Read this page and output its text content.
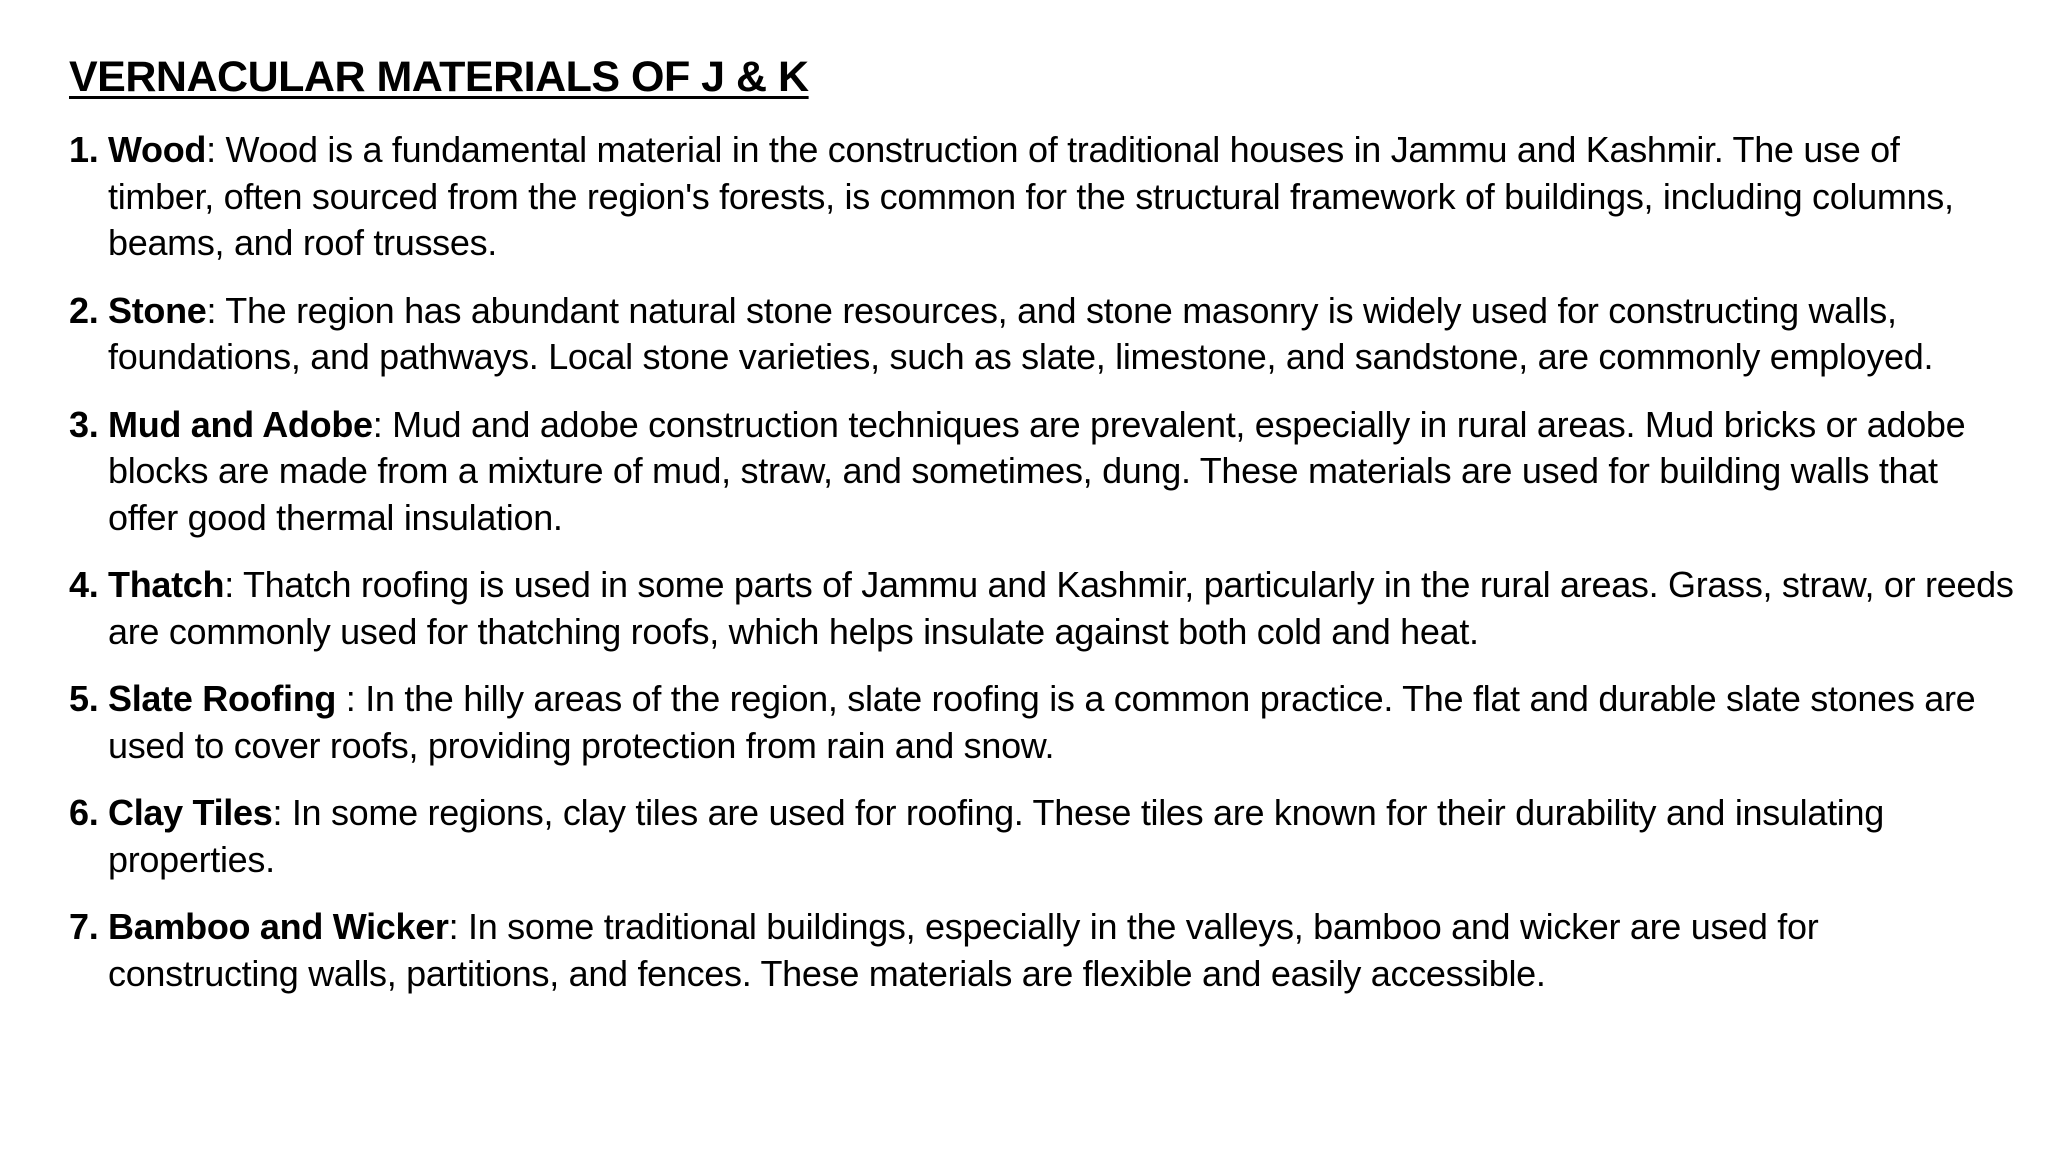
VERNACULAR MATERIALS OF J & K
1. Wood: Wood is a fundamental material in the construction of traditional houses in Jammu and Kashmir. The use of timber, often sourced from the region's forests, is common for the structural framework of buildings, including columns, beams, and roof trusses.
2. Stone: The region has abundant natural stone resources, and stone masonry is widely used for constructing walls, foundations, and pathways. Local stone varieties, such as slate, limestone, and sandstone, are commonly employed.
3. Mud and Adobe: Mud and adobe construction techniques are prevalent, especially in rural areas. Mud bricks or adobe blocks are made from a mixture of mud, straw, and sometimes, dung. These materials are used for building walls that offer good thermal insulation.
4. Thatch: Thatch roofing is used in some parts of Jammu and Kashmir, particularly in the rural areas. Grass, straw, or reeds are commonly used for thatching roofs, which helps insulate against both cold and heat.
5. Slate Roofing : In the hilly areas of the region, slate roofing is a common practice. The flat and durable slate stones are used to cover roofs, providing protection from rain and snow.
6. Clay Tiles: In some regions, clay tiles are used for roofing. These tiles are known for their durability and insulating properties.
7. Bamboo and Wicker: In some traditional buildings, especially in the valleys, bamboo and wicker are used for constructing walls, partitions, and fences. These materials are flexible and easily accessible.
